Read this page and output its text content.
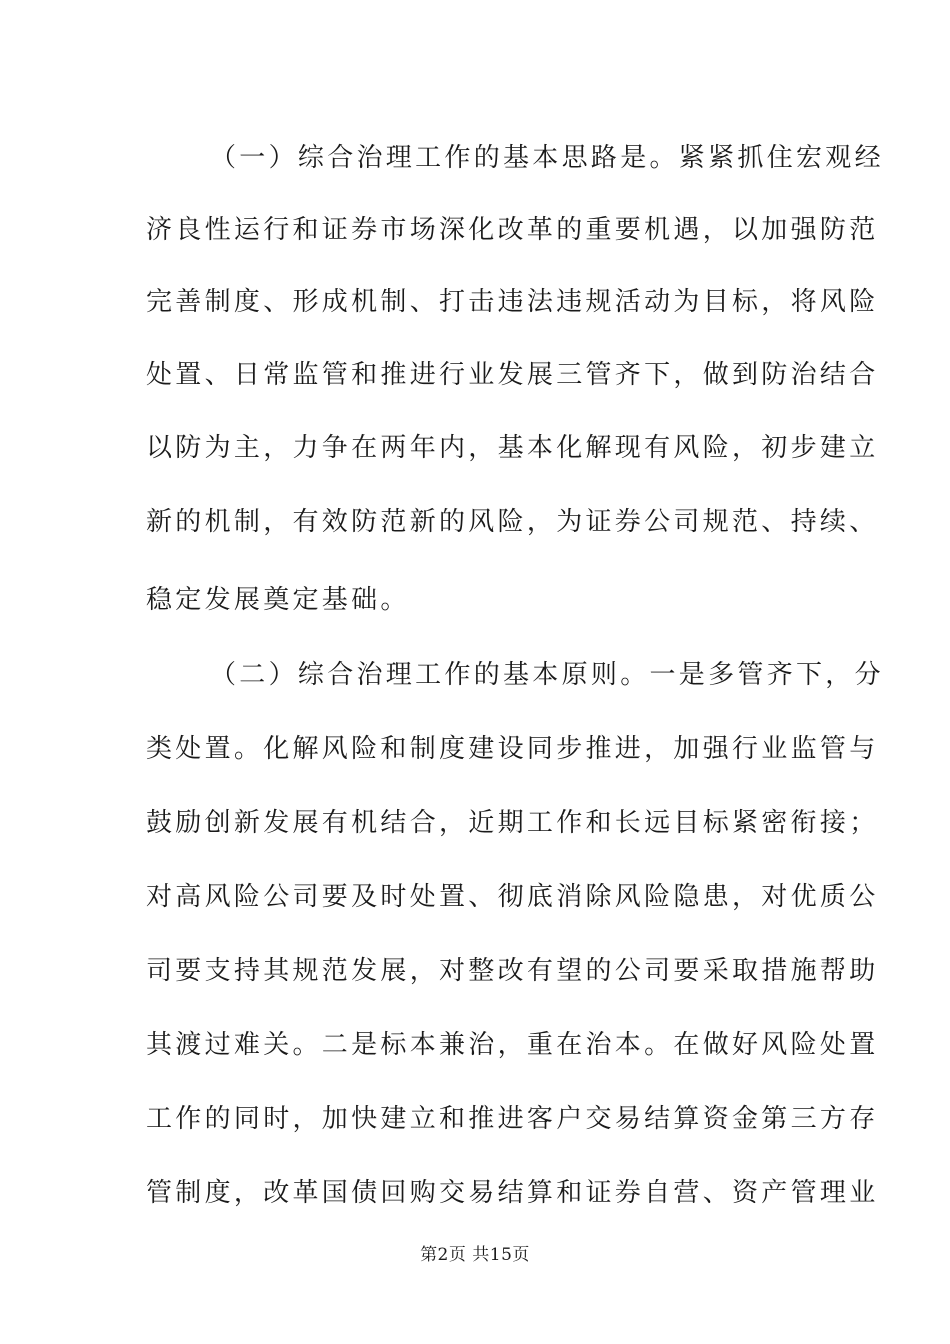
（一）综合治理工作的基本思路是。紧紧抓住宏观经
济良性运行和证券市场深化改革的重要机遇，以加强防范
完善制度、形成机制、打击违法违规活动为目标，将风险
处置、日常监管和推进行业发展三管齐下，做到防治结合
以防为主，力争在两年内，基本化解现有风险，初步建立
新的机制，有效防范新的风险，为证券公司规范、持续、
稳定发展奠定基础。
（二）综合治理工作的基本原则。一是多管齐下，分
类处置。化解风险和制度建设同步推进，加强行业监管与
鼓励创新发展有机结合，近期工作和长远目标紧密衔接；
对高风险公司要及时处置、彻底消除风险隐患，对优质公
司要支持其规范发展，对整改有望的公司要采取措施帮助
其渡过难关。二是标本兼治，重在治本。在做好风险处置
工作的同时，加快建立和推进客户交易结算资金第三方存
管制度，改革国债回购交易结算和证券自营、资产管理业
第2页 共15页
